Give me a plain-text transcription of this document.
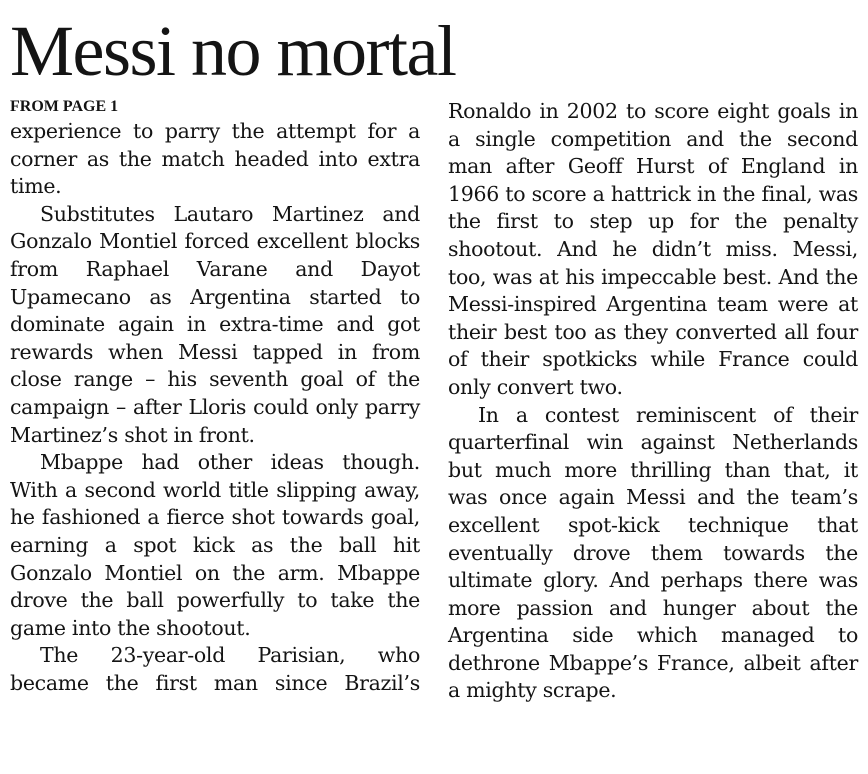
Messi no mortal
FROM PAGE 1

experience to parry the attempt for a corner as the match headed into extra time.

Substitutes Lautaro Martinez and Gonzalo Montiel forced excellent blocks from Raphael Varane and Dayot Upamecano as Argentina started to dominate again in extra-time and got rewards when Messi tapped in from close range – his seventh goal of the campaign – after Lloris could only parry Martinez’s shot in front.

Mbappe had other ideas though. With a second world title slipping away, he fashioned a fierce shot towards goal, earning a spot kick as the ball hit Gonzalo Montiel on the arm. Mbappe drove the ball powerfully to take the game into the shootout.

The 23-year-old Parisian, who became the first man since Brazil’s

Ronaldo in 2002 to score eight goals in a single competition and the second man after Geoff Hurst of England in 1966 to score a hattrick in the final, was the first to step up for the penalty shootout. And he didn’t miss. Messi, too, was at his impeccable best. And the Messi-inspired Argentina team were at their best too as they converted all four of their spotkicks while France could only convert two.

In a contest reminiscent of their quarterfinal win against Netherlands but much more thrilling than that, it was once again Messi and the team’s excellent spot-kick technique that eventually drove them towards the ultimate glory. And perhaps there was more passion and hunger about the Argentina side which managed to dethrone Mbappe’s France, albeit after a mighty scrape.
